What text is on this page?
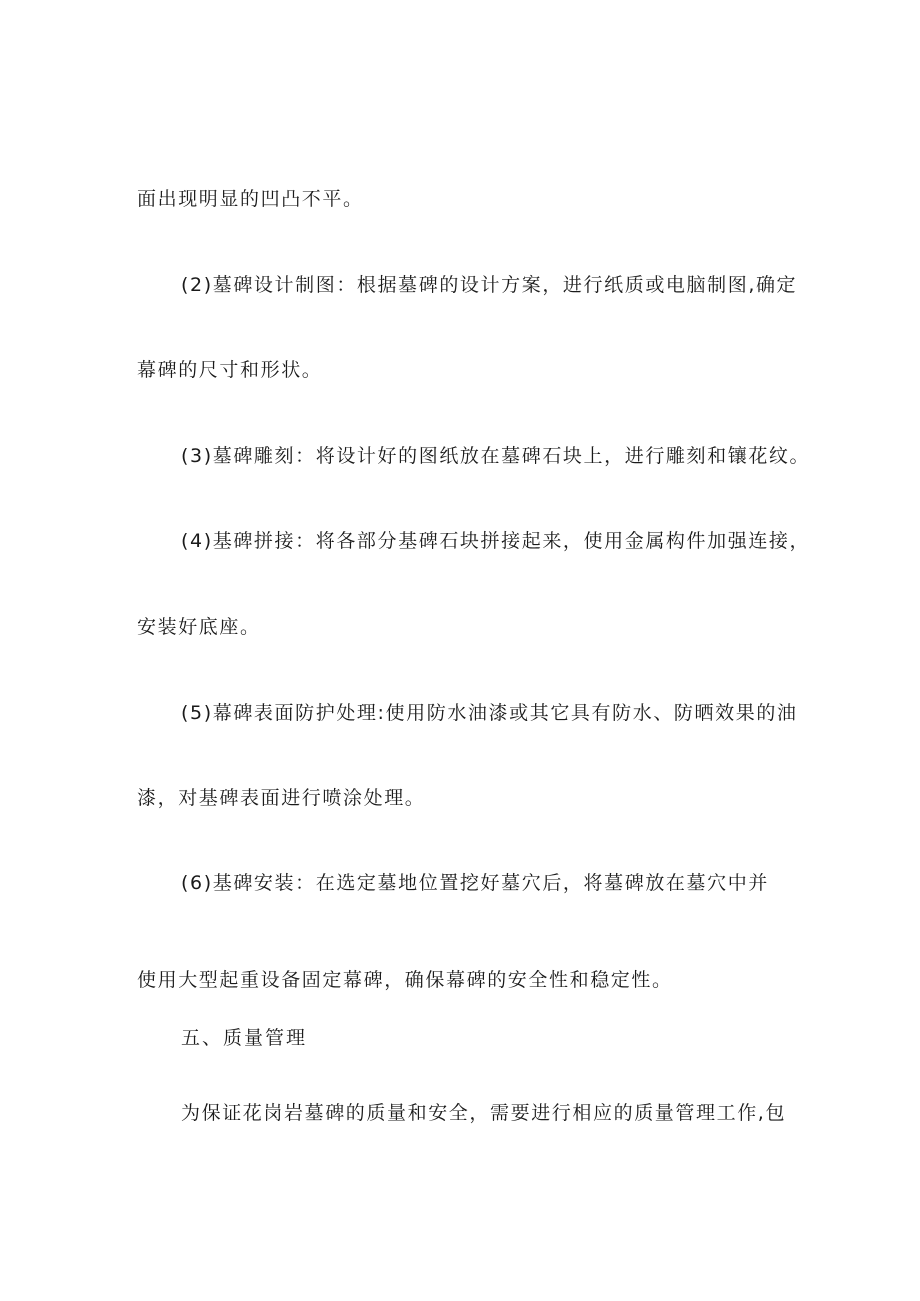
面出现明显的凹凸不平。
(2)墓碑设计制图：根据墓碑的设计方案，进行纸质或电脑制图,确定
幕碑的尺寸和形状。
(3)墓碑雕刻：将设计好的图纸放在墓碑石块上，进行雕刻和镶花纹。
(4)基碑拼接：将各部分基碑石块拼接起来，使用金属构件加强连接，
安装好底座。
(5)幕碑表面防护处理:使用防水油漆或其它具有防水、防晒效果的油
漆，对基碑表面进行喷涂处理。
(6)基碑安装：在选定墓地位置挖好墓穴后，将墓碑放在墓穴中并
使用大型起重设备固定幕碑，确保幕碑的安全性和稳定性。
五、质量管理
为保证花岗岩墓碑的质量和安全，需要进行相应的质量管理工作,包
